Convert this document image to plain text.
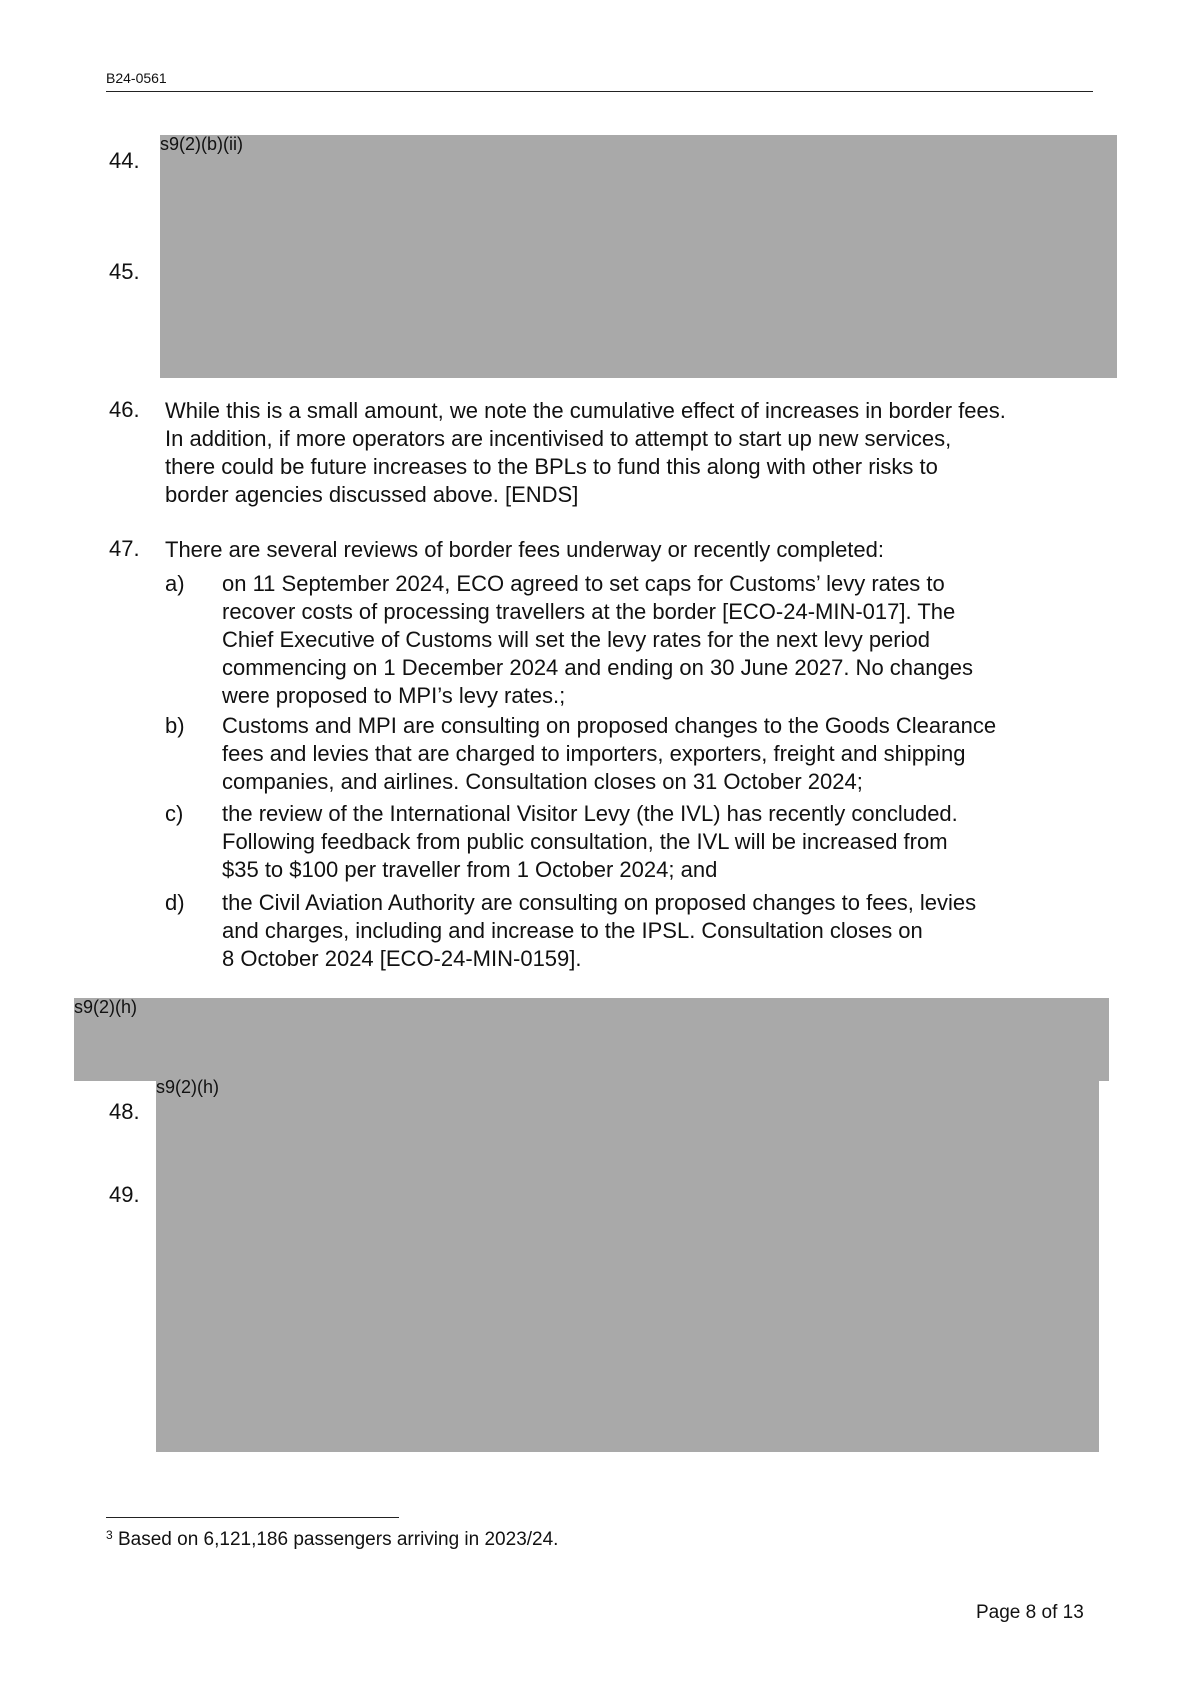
B24-0561
s9(2)(b)(ii)
44.
45.
46. While this is a small amount, we note the cumulative effect of increases in border fees.
In addition, if more operators are incentivised to attempt to start up new services,
there could be future increases to the BPLs to fund this along with other risks to
border agencies discussed above. [ENDS]
47. There are several reviews of border fees underway or recently completed:
a) on 11 September 2024, ECO agreed to set caps for Customs’ levy rates to
recover costs of processing travellers at the border [ECO-24-MIN-017]. The
Chief Executive of Customs will set the levy rates for the next levy period
commencing on 1 December 2024 and ending on 30 June 2027. No changes
were proposed to MPI’s levy rates.;
b) Customs and MPI are consulting on proposed changes to the Goods Clearance
fees and levies that are charged to importers, exporters, freight and shipping
companies, and airlines. Consultation closes on 31 October 2024;
c) the review of the International Visitor Levy (the IVL) has recently concluded.
Following feedback from public consultation, the IVL will be increased from
$35 to $100 per traveller from 1 October 2024; and
d) the Civil Aviation Authority are consulting on proposed changes to fees, levies
and charges, including and increase to the IPSL. Consultation closes on
8 October 2024 [ECO-24-MIN-0159].
s9(2)(h)
s9(2)(h)
48.
49.
$^3$ Based on 6,121,186 passengers arriving in 2023/24.
Page 8 of 13
